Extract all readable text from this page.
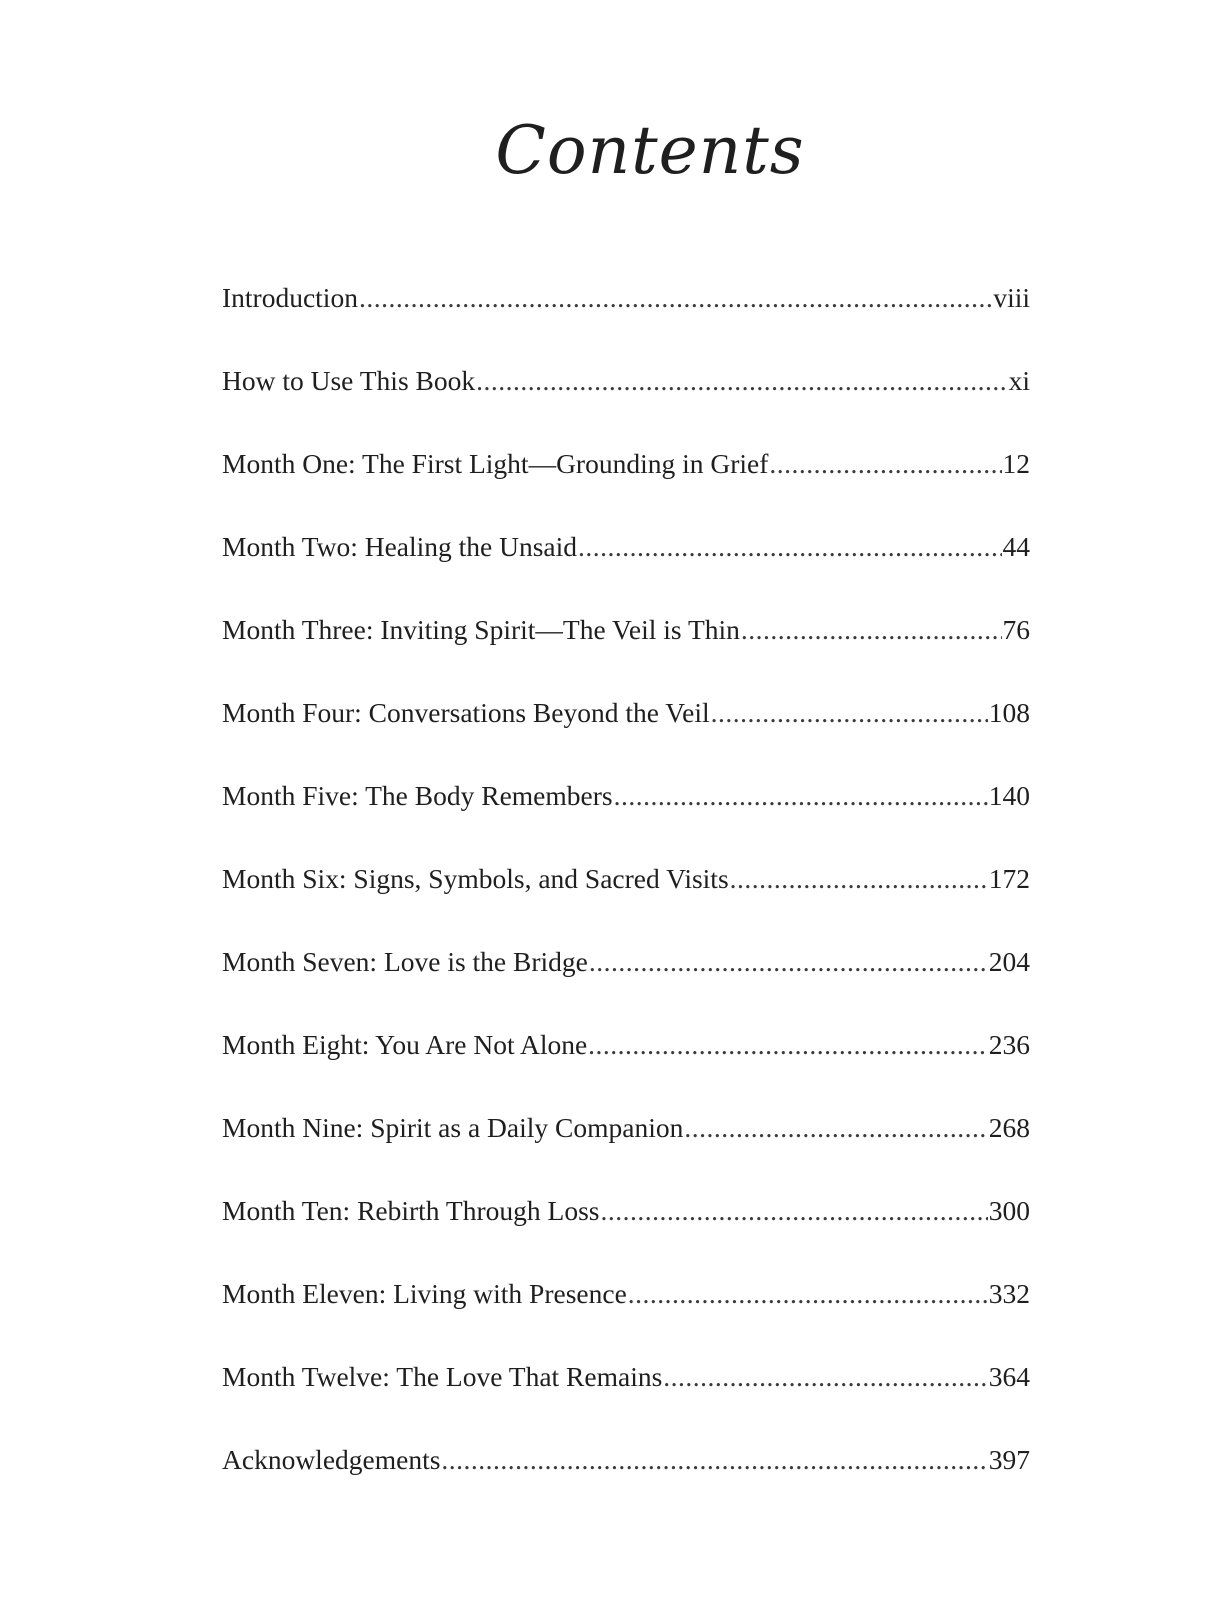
Contents
Introduction .....	viii
How to Use This Book .....	xi
Month One: The First Light—Grounding in Grief .....	12
Month Two: Healing the Unsaid .....	44
Month Three: Inviting Spirit—The Veil is Thin .....	76
Month Four: Conversations Beyond the Veil .....	108
Month Five: The Body Remembers .....	140
Month Six: Signs, Symbols, and Sacred Visits .....	172
Month Seven: Love is the Bridge .....	204
Month Eight: You Are Not Alone .....	236
Month Nine: Spirit as a Daily Companion .....	268
Month Ten: Rebirth Through Loss .....	300
Month Eleven: Living with Presence .....	332
Month Twelve: The Love That Remains .....	364
Acknowledgements .....	397
